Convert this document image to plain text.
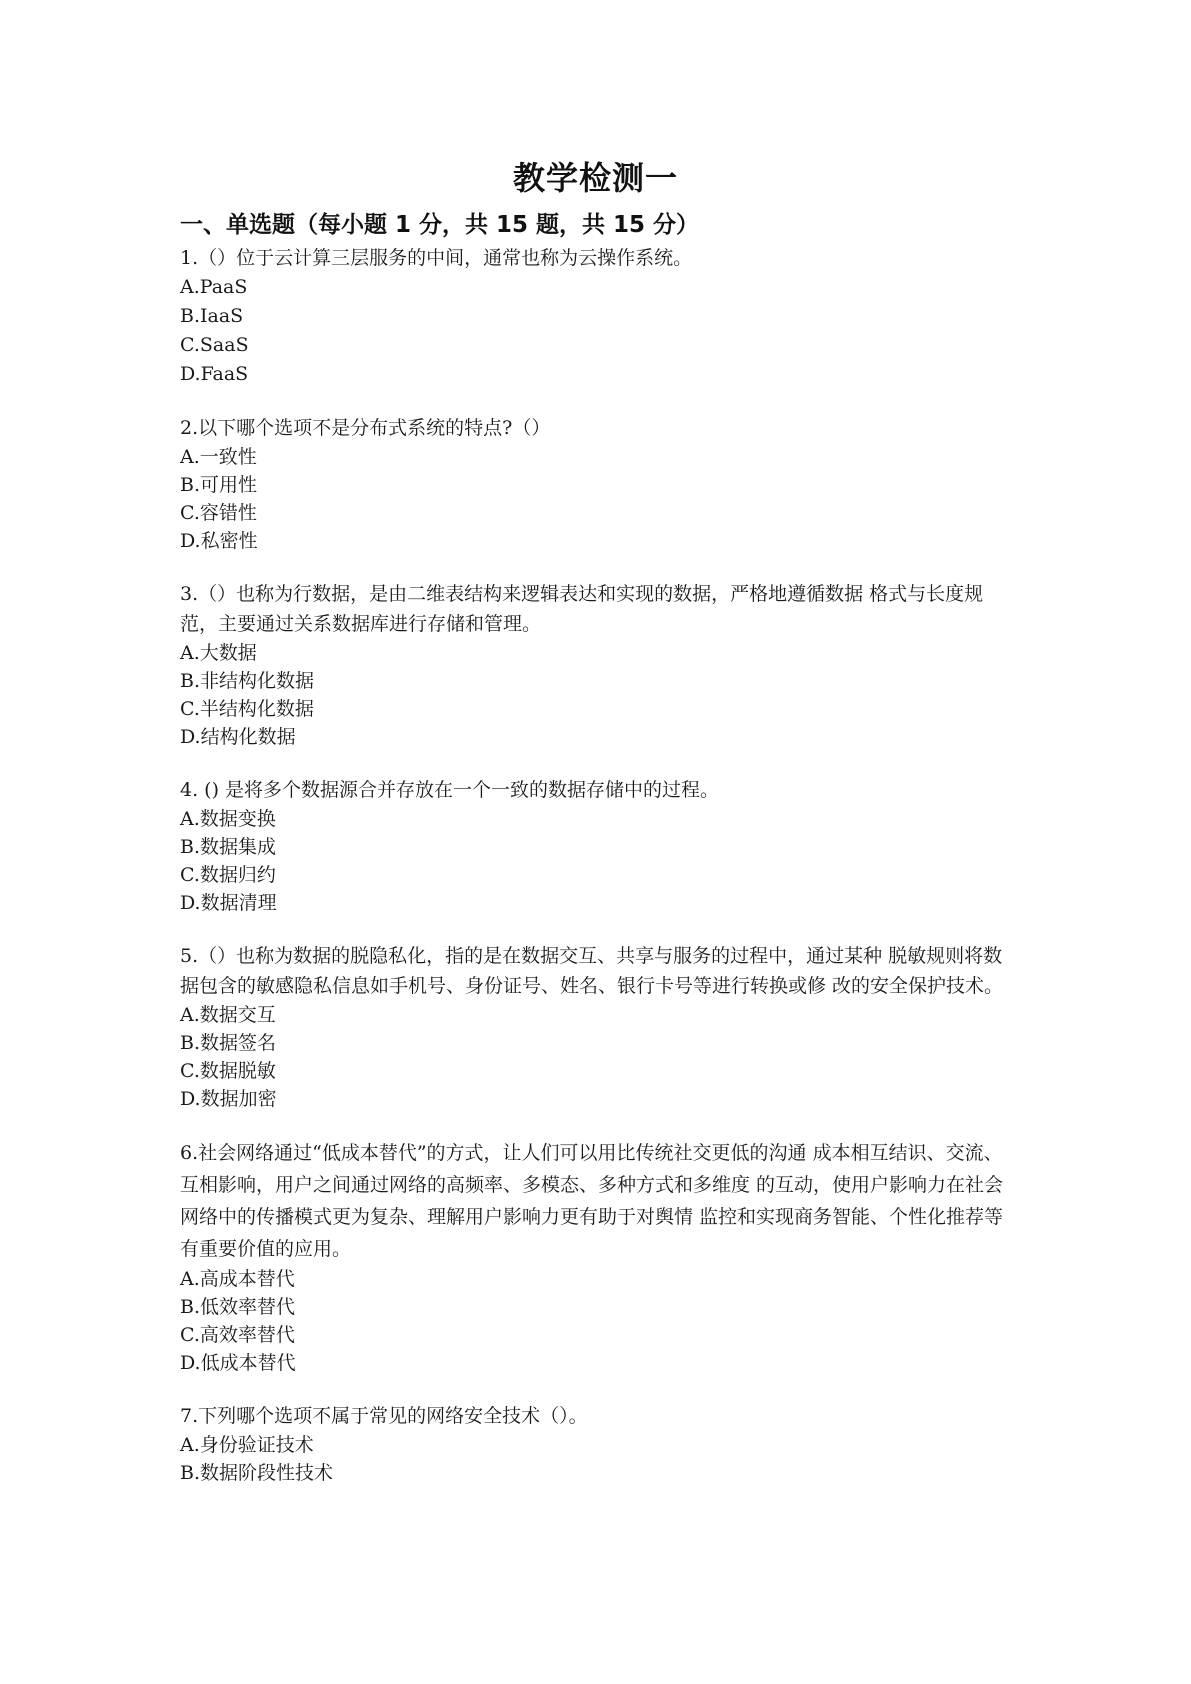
教学检测一
一、单选题（每小题 1 分，共 15 题，共 15 分）
1.（）位于云计算三层服务的中间，通常也称为云操作系统。
A.PaaS
B.IaaS
C.SaaS
D.FaaS
2.以下哪个选项不是分布式系统的特点?（）
A.一致性
B.可用性
C.容错性
D.私密性
3.（）也称为行数据，是由二维表结构来逻辑表达和实现的数据，严格地遵循数据 格式与长度规范，主要通过关系数据库进行存储和管理。
A.大数据
B.非结构化数据
C.半结构化数据
D.结构化数据
4. () 是将多个数据源合并存放在一个一致的数据存储中的过程。
A.数据变换
B.数据集成
C.数据归约
D.数据清理
5.（）也称为数据的脱隐私化，指的是在数据交互、共享与服务的过程中，通过某种 脱敏规则将数据包含的敏感隐私信息如手机号、身份证号、姓名、银行卡号等进行转换或修 改的安全保护技术。
A.数据交互
B.数据签名
C.数据脱敏
D.数据加密
6.社会网络通过“低成本替代”的方式，让人们可以用比传统社交更低的沟通 成本相互结识、交流、互相影响，用户之间通过网络的高频率、多模态、多种方式和多维度 的互动，使用户影响力在社会网络中的传播模式更为复杂、理解用户影响力更有助于对舆情 监控和实现商务智能、个性化推荐等有重要价值的应用。
A.高成本替代
B.低效率替代
C.高效率替代
D.低成本替代
7.下列哪个选项不属于常见的网络安全技术（）。
A.身份验证技术
B.数据阶段性技术
